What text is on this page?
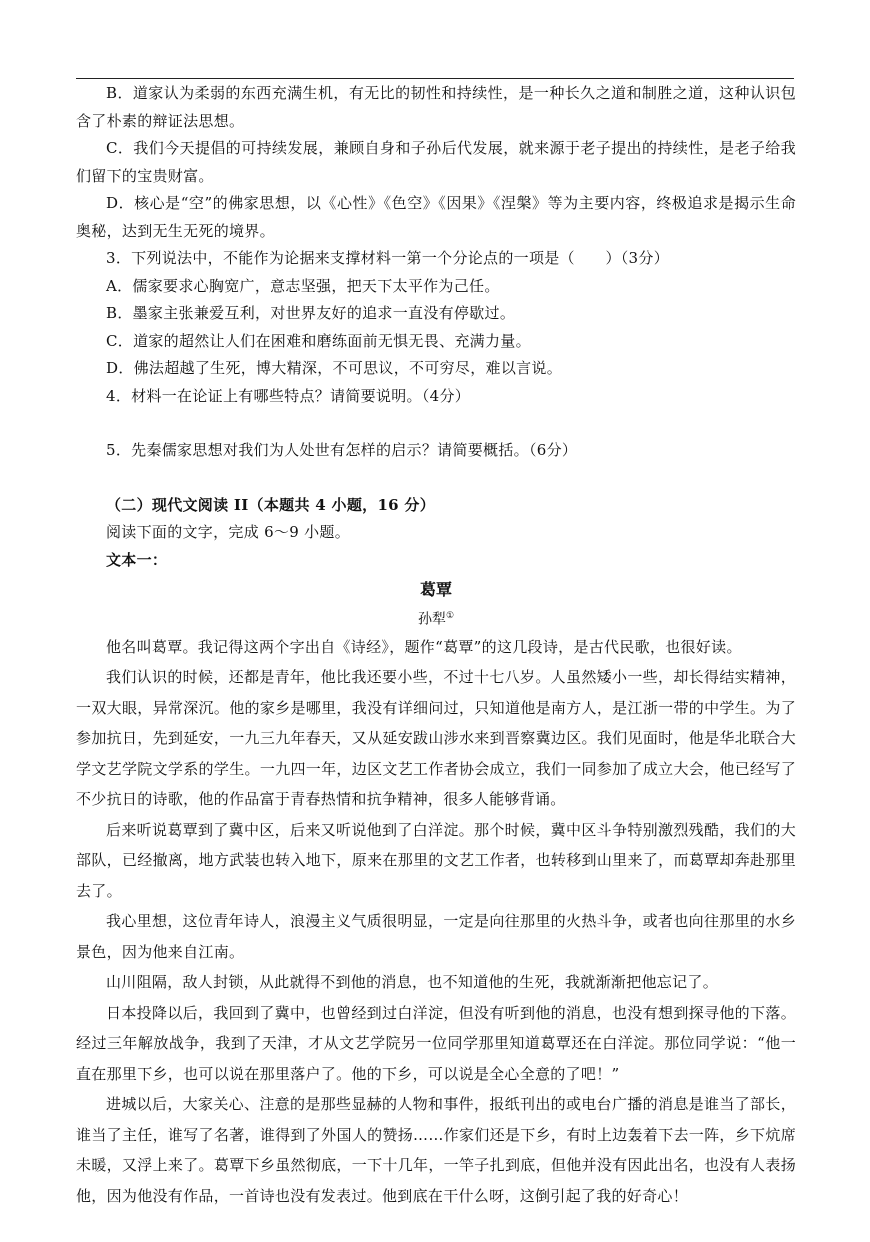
B．道家认为柔弱的东西充满生机，有无比的韧性和持续性，是一种长久之道和制胜之道，这种认识包含了朴素的辩证法思想。

C．我们今天提倡的可持续发展，兼顾自身和子孙后代发展，就来源于老子提出的持续性，是老子给我们留下的宝贵财富。

D．核心是“空”的佛家思想，以《心性》《色空》《因果》《涅槃》等为主要内容，终极追求是揭示生命奥秘，达到无生无死的境界。

3．下列说法中，不能作为论据来支撑材料一第一个分论点的一项是（　　）（3分）

A．儒家要求心胸宽广，意志坚强，把天下太平作为己任。

B．墨家主张兼爱互利，对世界友好的追求一直没有停歇过。

C．道家的超然让人们在困难和磨练面前无惧无畏、充满力量。

D．佛法超越了生死，博大精深，不可思议，不可穷尽，难以言说。

4．材料一在论证上有哪些特点？请简要说明。（4分）

5．先秦儒家思想对我们为人处世有怎样的启示？请简要概括。（6分）

（二）现代文阅读 II（本题共 4 小题，16 分）

阅读下面的文字，完成 6～9 小题。

文本一：

葛覃

孙犁①

他名叫葛覃。我记得这两个字出自《诗经》，题作“葛覃”的这几段诗，是古代民歌，也很好读。

我们认识的时候，还都是青年，他比我还要小些，不过十七八岁。人虽然矮小一些，却长得结实精神，一双大眼，异常深沉。他的家乡是哪里，我没有详细问过，只知道他是南方人，是江浙一带的中学生。为了参加抗日，先到延安，一九三九年春天，又从延安跋山涉水来到晋察冀边区。我们见面时，他是华北联合大学文艺学院文学系的学生。一九四一年，边区文艺工作者协会成立，我们一同参加了成立大会，他已经写了不少抗日的诗歌，他的作品富于青春热情和抗争精神，很多人能够背诵。

后来听说葛覃到了冀中区，后来又听说他到了白洋淀。那个时候，冀中区斗争特别激烈残酷，我们的大部队，已经撤离，地方武装也转入地下，原来在那里的文艺工作者，也转移到山里来了，而葛覃却奔赴那里去了。

我心里想，这位青年诗人，浪漫主义气质很明显，一定是向往那里的火热斗争，或者也向往那里的水乡景色，因为他来自江南。

山川阻隔，敌人封锁，从此就得不到他的消息，也不知道他的生死，我就渐渐把他忘记了。

日本投降以后，我回到了冀中，也曾经到过白洋淀，但没有听到他的消息，也没有想到探寻他的下落。经过三年解放战争，我到了天津，才从文艺学院另一位同学那里知道葛覃还在白洋淀。那位同学说：“他一直在那里下乡，也可以说在那里落户了。他的下乡，可以说是全心全意的了吧！”

进城以后，大家关心、注意的是那些显赫的人物和事件，报纸刊出的或电台广播的消息是谁当了部长，谁当了主任，谁写了名著，谁得到了外国人的赞扬……作家们还是下乡，有时上边轰着下去一阵，乡下炕席未暖，又浮上来了。葛覃下乡虽然彻底，一下十几年，一竿子扎到底，但他并没有因此出名，也没有人表扬他，因为他没有作品，一首诗也没有发表过。他到底在干什么呀，这倒引起了我的好奇心！
